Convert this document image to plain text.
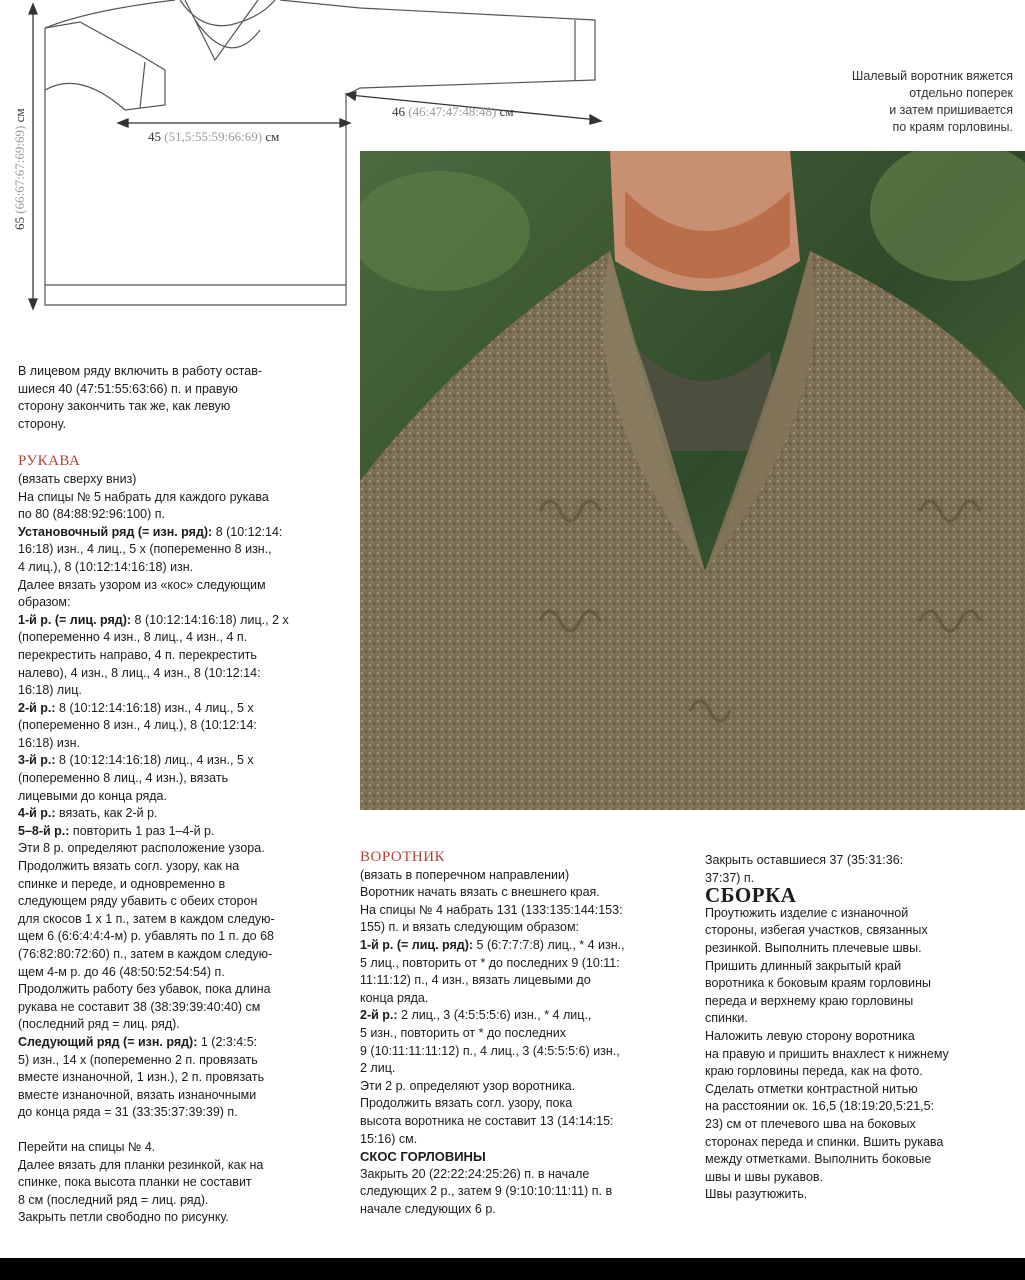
65 (66:67:67:69:69) см
45 (51,5:55:59:66:69) см
46 (46:47:47:48:48) см
Шалевый воротник вяжется
отдельно поперек
и затем пришивается
по краям горловины.

В лицевом ряду включить в работу остав-

шиеся 40 (47:51:55:63:66) п. и правую

сторону закончить так же, как левую

сторону.

РУКАВА

(вязать сверху вниз)

На спицы № 5 набрать для каждого рукава

по 80 (84:88:92:96:100) п.

Установочный ряд (= изн. ряд): 8 (10:12:14:

16:18) изн., 4 лиц., 5 х (попеременно 8 изн.,

4 лиц.), 8 (10:12:14:16:18) изн.

Далее вязать узором из «кос» следующим

образом:

1-й р. (= лиц. ряд): 8 (10:12:14:16:18) лиц., 2 х

(попеременно 4 изн., 8 лиц., 4 изн., 4 п.

перекрестить направо, 4 п. перекрестить

налево), 4 изн., 8 лиц., 4 изн., 8 (10:12:14:

16:18) лиц.

2-й р.: 8 (10:12:14:16:18) изн., 4 лиц., 5 х

(попеременно 8 изн., 4 лиц.), 8 (10:12:14:

16:18) изн.

3-й р.: 8 (10:12:14:16:18) лиц., 4 изн., 5 х

(попеременно 8 лиц., 4 изн.), вязать

лицевыми до конца ряда.

4-й р.: вязать, как 2-й р.

5–8-й р.: повторить 1 раз 1–4-й р.

Эти 8 р. определяют расположение узора.

Продолжить вязать согл. узору, как на

спинке и переде, и одновременно в

следующем ряду убавить с обеих сторон

для скосов 1 х 1 п., затем в каждом следую-

щем 6 (6:6:4:4:4-м) р. убавлять по 1 п. до 68

(76:82:80:72:60) п., затем в каждом следую-

щем 4-м р. до 46 (48:50:52:54:54) п.

Продолжить работу без убавок, пока длина

рукава не составит 38 (38:39:39:40:40) см

(последний ряд = лиц. ряд).

Следующий ряд (= изн. ряд): 1 (2:3:4:5:

5) изн., 14 х (попеременно 2 п. провязать

вместе изнаночной, 1 изн.), 2 п. провязать

вместе изнаночной, вязать изнаночными

до конца ряда = 31 (33:35:37:39:39) п.

Перейти на спицы № 4.

Далее вязать для планки резинкой, как на

спинке, пока высота планки не составит

8 см (последний ряд = лиц. ряд).

Закрыть петли свободно по рисунку.

ВОРОТНИК

(вязать в поперечном направлении)

Воротник начать вязать с внешнего края.

На спицы № 4 набрать 131 (133:135:144:153:

155) п. и вязать следующим образом:

1-й р. (= лиц. ряд): 5 (6:7:7:7:8) лиц., * 4 изн.,

5 лиц., повторить от * до последних 9 (10:11:

11:11:12) п., 4 изн., вязать лицевыми до

конца ряда.

2-й р.: 2 лиц., 3 (4:5:5:5:6) изн., * 4 лиц.,

5 изн., повторить от * до последних

9 (10:11:11:11:12) п., 4 лиц., 3 (4:5:5:5:6) изн.,

2 лиц.

Эти 2 р. определяют узор воротника.

Продолжить вязать согл. узору, пока

высота воротника не составит 13 (14:14:15:

15:16) см.

СКОС ГОРЛОВИНЫ

Закрыть 20 (22:22:24:25:26) п. в начале

следующих 2 р., затем 9 (9:10:10:11:11) п. в

начале следующих 6 р.

Закрыть оставшиеся 37 (35:31:36:

37:37) п.

СБОРКА

Проутюжить изделие с изнаночной

стороны, избегая участков, связанных

резинкой. Выполнить плечевые швы.

Пришить длинный закрытый край

воротника к боковым краям горловины

переда и верхнему краю горловины

спинки.

Наложить левую сторону воротника

на правую и пришить внахлест к нижнему

краю горловины переда, как на фото.

Сделать отметки контрастной нитью

на расстоянии ок. 16,5 (18:19:20,5:21,5:

23) см от плечевого шва на боковых

сторонах переда и спинки. Вшить рукава

между отметками. Выполнить боковые

швы и швы рукавов.

Швы разутюжить.
